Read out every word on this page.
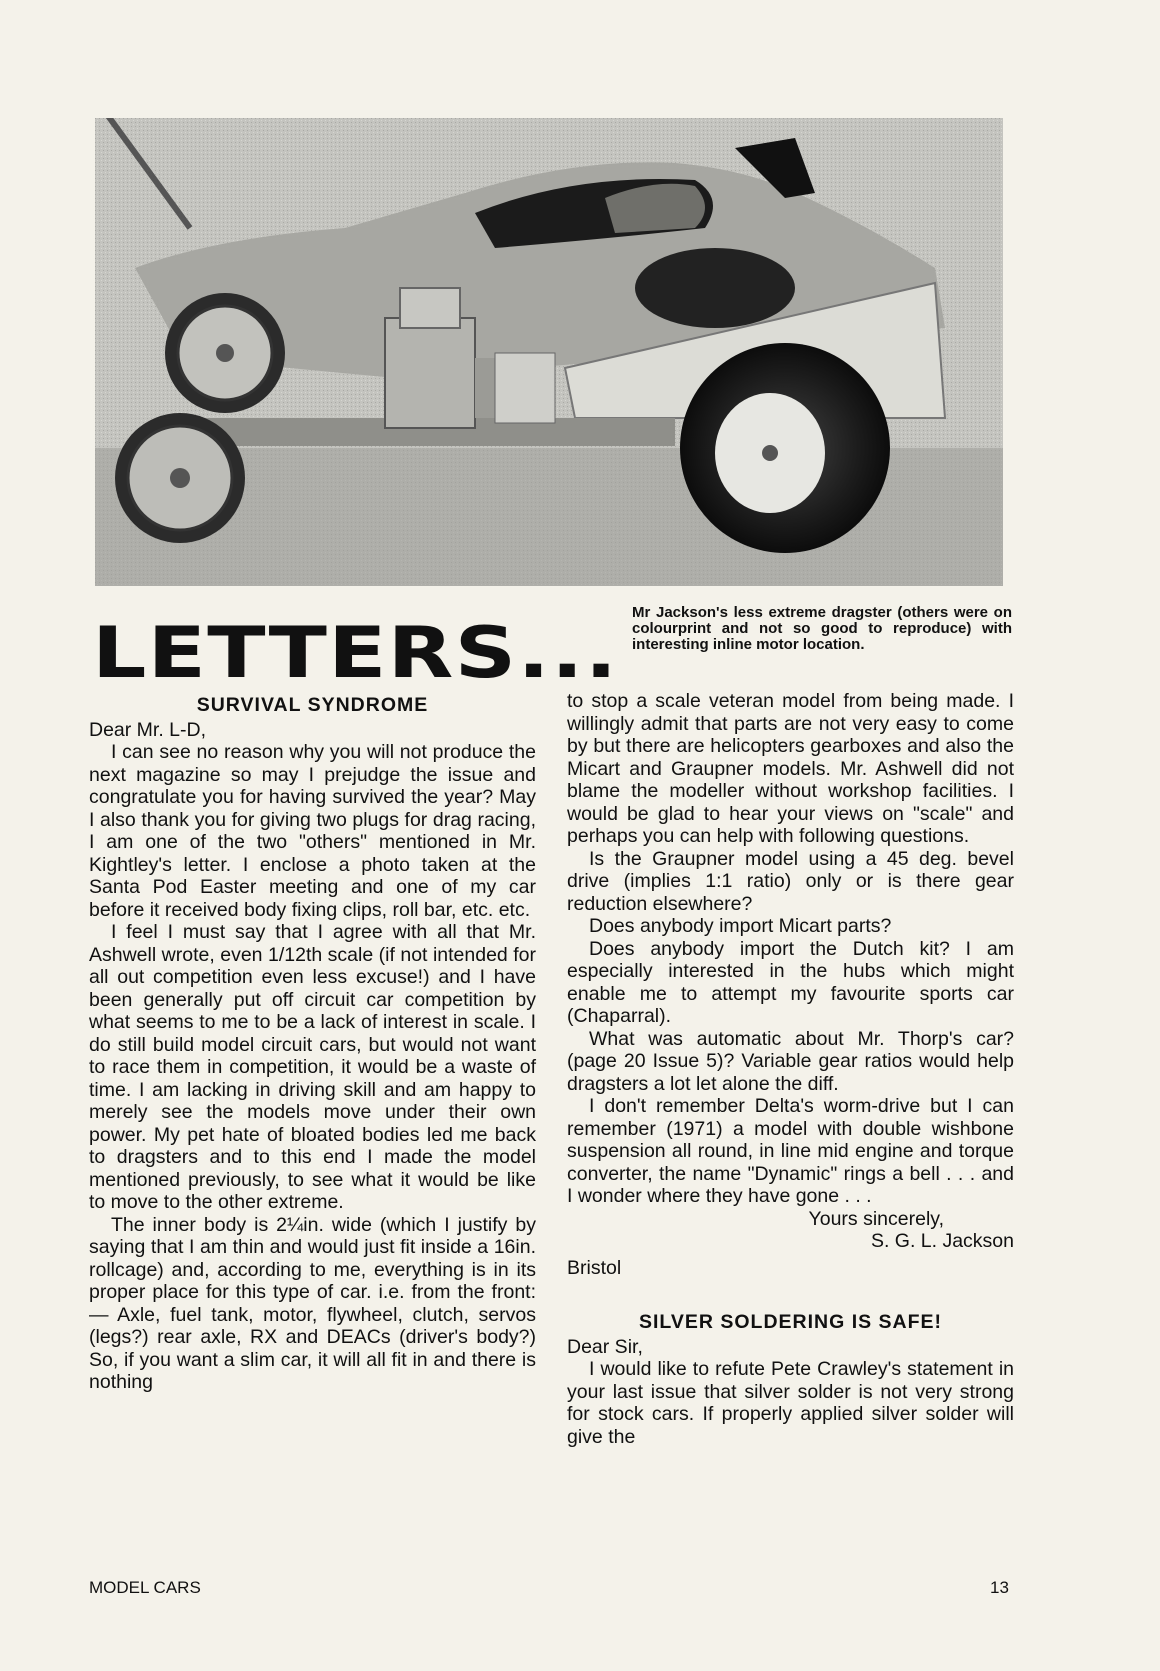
LETTERS... Mr Jackson's less extreme dragster (others were on colourprint and not so good to reproduce) with interesting inline motor location.
SURVIVAL SYNDROME

Dear Mr. L-D,

I can see no reason why you will not produce the next magazine so may I prejudge the issue and congratulate you for having survived the year? May I also thank you for giving two plugs for drag racing, I am one of the two "others" mentioned in Mr. Kightley's letter. I enclose a photo taken at the Santa Pod Easter meeting and one of my car before it received body fixing clips, roll bar, etc. etc.

I feel I must say that I agree with all that Mr. Ashwell wrote, even 1/12th scale (if not intended for all out competition even less excuse!) and I have been generally put off circuit car competition by what seems to me to be a lack of interest in scale. I do still build model circuit cars, but would not want to race them in competition, it would be a waste of time. I am lacking in driving skill and am happy to merely see the models move under their own power. My pet hate of bloated bodies led me back to dragsters and to this end I made the model mentioned previously, to see what it would be like to move to the other extreme.

The inner body is 2¼in. wide (which I justify by saying that I am thin and would just fit inside a 16in. rollcage) and, according to me, everything is in its proper place for this type of car. i.e. from the front:— Axle, fuel tank, motor, flywheel, clutch, servos (legs?) rear axle, RX and DEACs (driver's body?) So, if you want a slim car, it will all fit in and there is nothing

to stop a scale veteran model from being made. I willingly admit that parts are not very easy to come by but there are helicopters gearboxes and also the Micart and Graupner models. Mr. Ashwell did not blame the modeller without workshop facilities. I would be glad to hear your views on "scale" and perhaps you can help with following questions.

Is the Graupner model using a 45 deg. bevel drive (implies 1:1 ratio) only or is there gear reduction elsewhere?

Does anybody import Micart parts?

Does anybody import the Dutch kit? I am especially interested in the hubs which might enable me to attempt my favourite sports car (Chaparral).

What was automatic about Mr. Thorp's car? (page 20 Issue 5)? Variable gear ratios would help dragsters a lot let alone the diff.

I don't remember Delta's worm-drive but I can remember (1971) a model with double wishbone suspension all round, in line mid engine and torque converter, the name "Dynamic" rings a bell . . . and I wonder where they have gone . . .

Yours sincerely,
S. G. L. Jackson
Bristol
SILVER SOLDERING IS SAFE!

Dear Sir,

I would like to refute Pete Crawley's statement in your last issue that silver solder is not very strong for stock cars. If properly applied silver solder will give the

MODEL CARS	13
